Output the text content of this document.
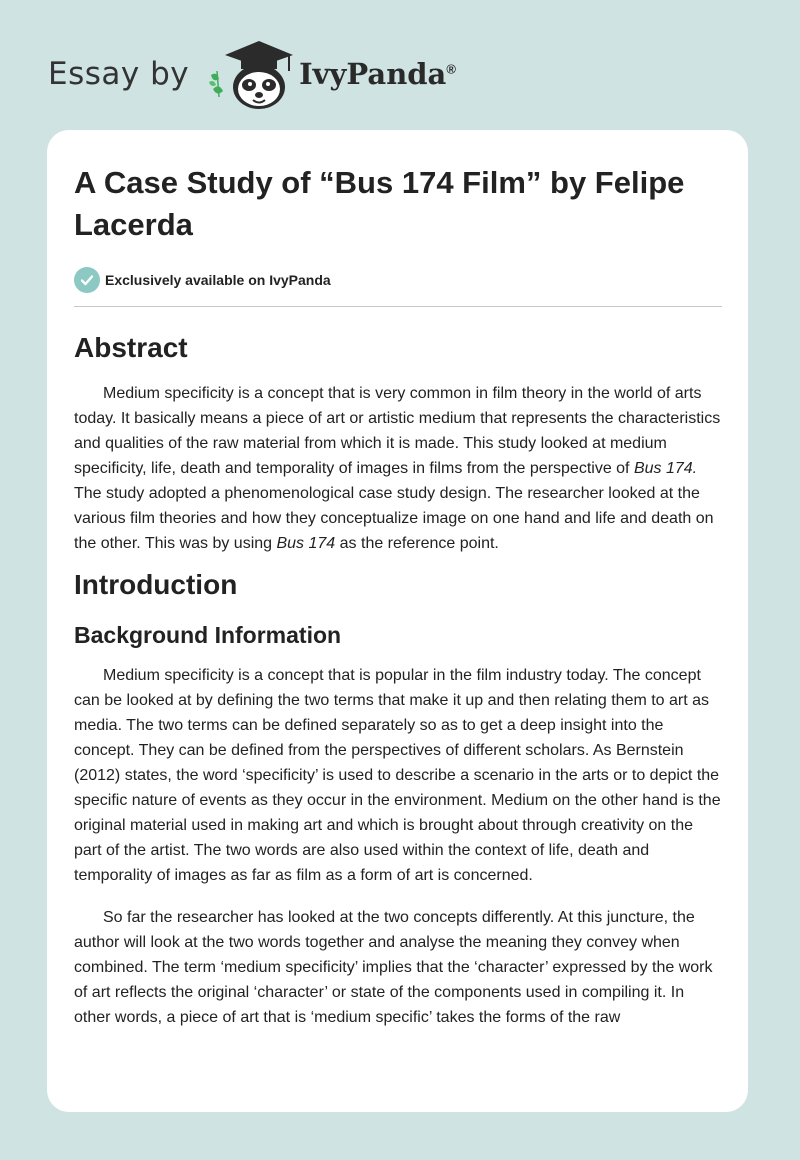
Essay by	IvyPanda®
A Case Study of “Bus 174 Film” by Felipe Lacerda
Exclusively available on IvyPanda
Abstract

Medium specificity is a concept that is very common in film theory in the world of arts today. It basically means a piece of art or artistic medium that represents the characteristics and qualities of the raw material from which it is made. This study looked at medium specificity, life, death and temporality of images in films from the perspective of Bus 174. The study adopted a phenomenological case study design. The researcher looked at the various film theories and how they conceptualize image on one hand and life and death on the other. This was by using Bus 174 as the reference point.

Introduction
Background Information

Medium specificity is a concept that is popular in the film industry today. The concept can be looked at by defining the two terms that make it up and then relating them to art as media. The two terms can be defined separately so as to get a deep insight into the concept. They can be defined from the perspectives of different scholars. As Bernstein (2012) states, the word ‘specificity’ is used to describe a scenario in the arts or to depict the specific nature of events as they occur in the environment. Medium on the other hand is the original material used in making art and which is brought about through creativity on the part of the artist. The two words are also used within the context of life, death and temporality of images as far as film as a form of art is concerned.

So far the researcher has looked at the two concepts differently. At this juncture, the author will look at the two words together and analyse the meaning they convey when combined. The term ‘medium specificity’ implies that the ‘character’ expressed by the work of art reflects the original ‘character’ or state of the components used in compiling it. In other words, a piece of art that is ‘medium specific’ takes the forms of the raw
